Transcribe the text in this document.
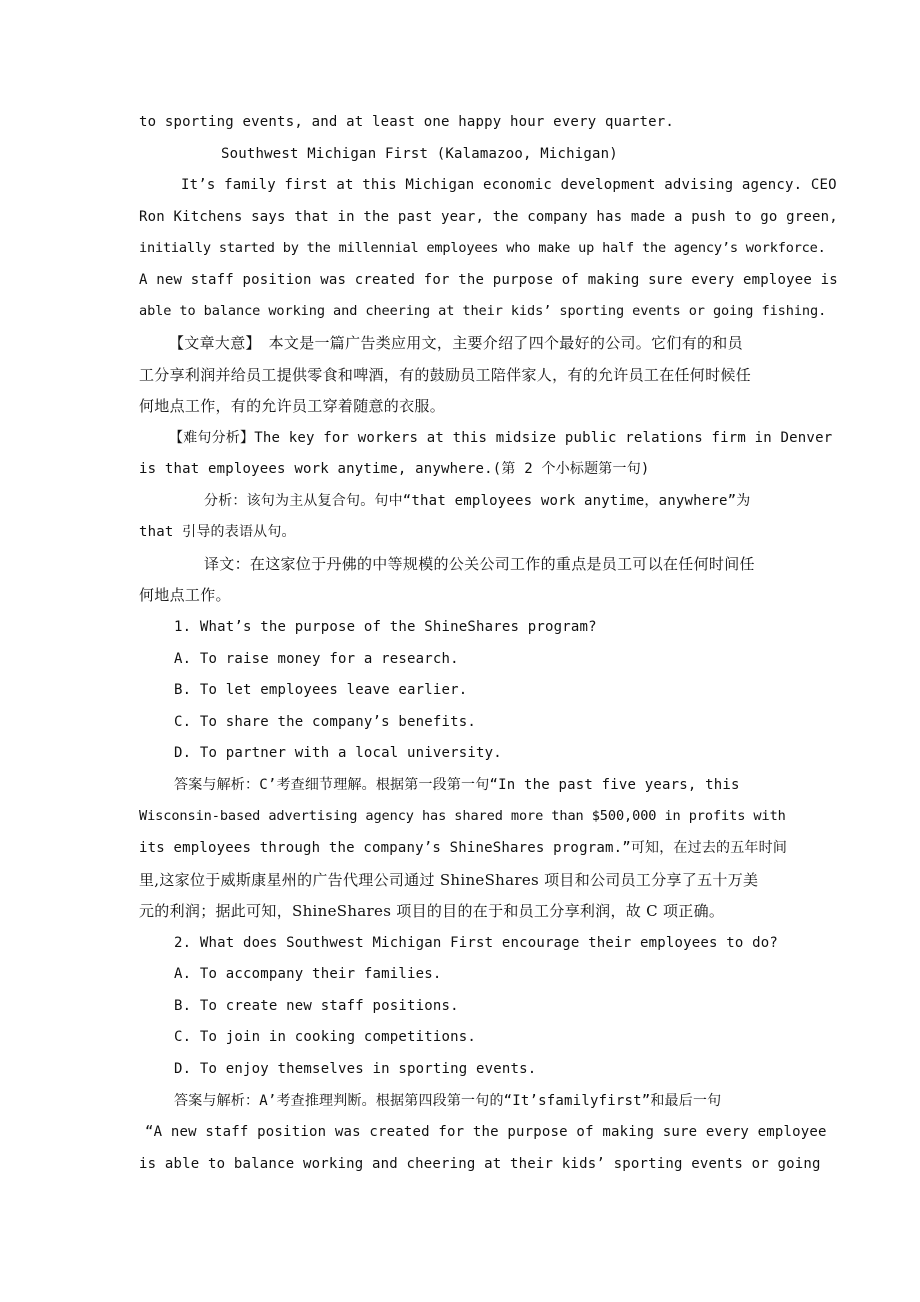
to sporting events, and at least one happy hour every quarter.
Southwest Michigan First (Kalamazoo, Michigan)
It’s family first at this Michigan economic development advising agency. CEO
Ron Kitchens says that in the past year, the company has made a push to go green,
initially started by the millennial employees who make up half the agency’s workforce.
A new staff position was created for the purpose of making sure every employee is
able to balance working and cheering at their kids’ sporting events or going fishing.
【文章大意】　本文是一篇广告类应用文，主要介绍了四个最好的公司。它们有的和员
工分享利润并给员工提供零食和啤酒，有的鼓励员工陪伴家人，有的允许员工在任何时候任
何地点工作，有的允许员工穿着随意的衣服。
【难句分析】The key for workers at this midsize public relations firm in Denver
is that employees work anytime, anywhere.(第 2 个小标题第一句)
分析：该句为主从复合句。句中“that employees work anytime，anywhere”为
that 引导的表语从句。
译文：在这家位于丹佛的中等规模的公关公司工作的重点是员工可以在任何时间任
何地点工作。
1. What’s the purpose of the ShineShares program?
A. To raise money for a research.
B. To let employees leave earlier.
C. To share the company’s benefits.
D. To partner with a local university.
答案与解析：C’考查细节理解。根据第一段第一句“In the past five years, this
Wisconsin-based advertising agency has shared more than $500,000 in profits with
its employees through the company’s ShineShares program.”可知，在过去的五年时间
里,这家位于威斯康星州的广告代理公司通过 ShineShares 项目和公司员工分享了五十万美
元的利润；据此可知，ShineShares 项目的目的在于和员工分享利润，故 C 项正确。
2. What does Southwest Michigan First encourage their employees to do?
A. To accompany their families.
B. To create new staff positions.
C. To join in cooking competitions.
D. To enjoy themselves in sporting events.
答案与解析：A’考查推理判断。根据第四段第一句的“It’sfamilyfirst”和最后一句
“A new staff position was created for the purpose of making sure every employee
is able to balance working and cheering at their kids’ sporting events or going
